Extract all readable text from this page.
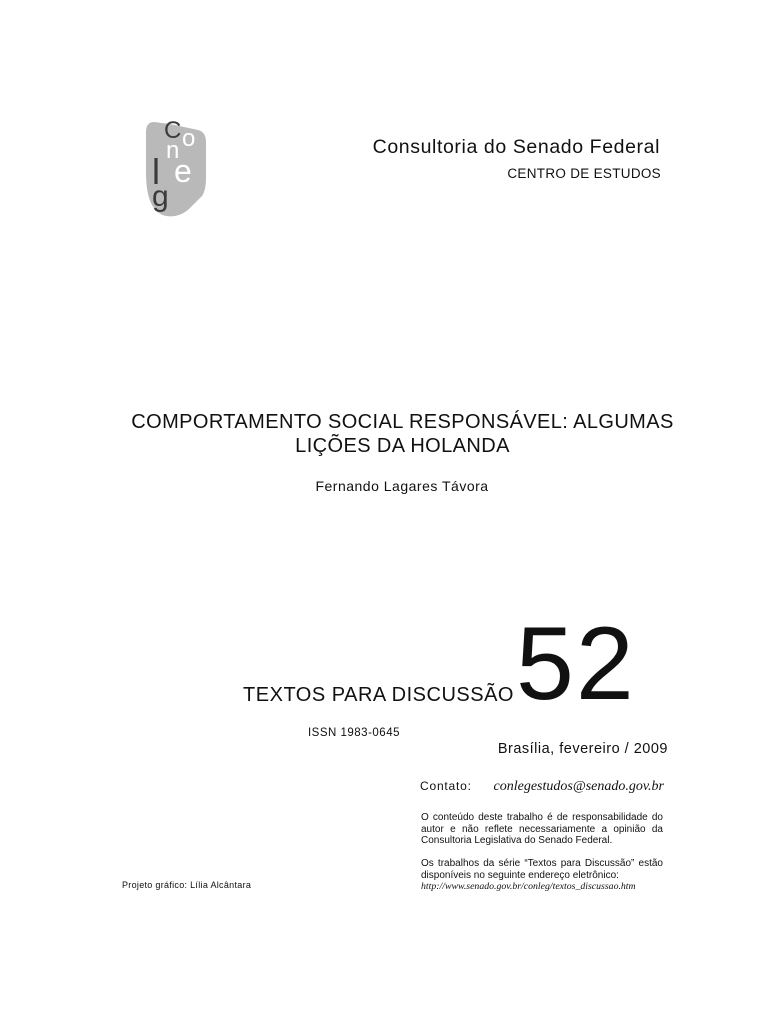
C o
n
l e
g
Consultoria do Senado Federal
CENTRO DE ESTUDOS
COMPORTAMENTO SOCIAL RESPONSÁVEL: ALGUMAS LIÇÕES DA HOLANDA
Fernando Lagares Távora
TEXTOS PARA DISCUSSÃO 52
ISSN 1983-0645
Brasília, fevereiro / 2009
Contato: conlegestudos@senado.gov.br
O conteúdo deste trabalho é de responsabilidade do autor e não reflete necessariamente a opinião da Consultoria Legislativa do Senado Federal.
Os trabalhos da série “Textos para Discussão” estão disponíveis no seguinte endereço eletrônico:
http://www.senado.gov.br/conleg/textos_discussao.htm
Projeto gráfico: Lília Alcântara
